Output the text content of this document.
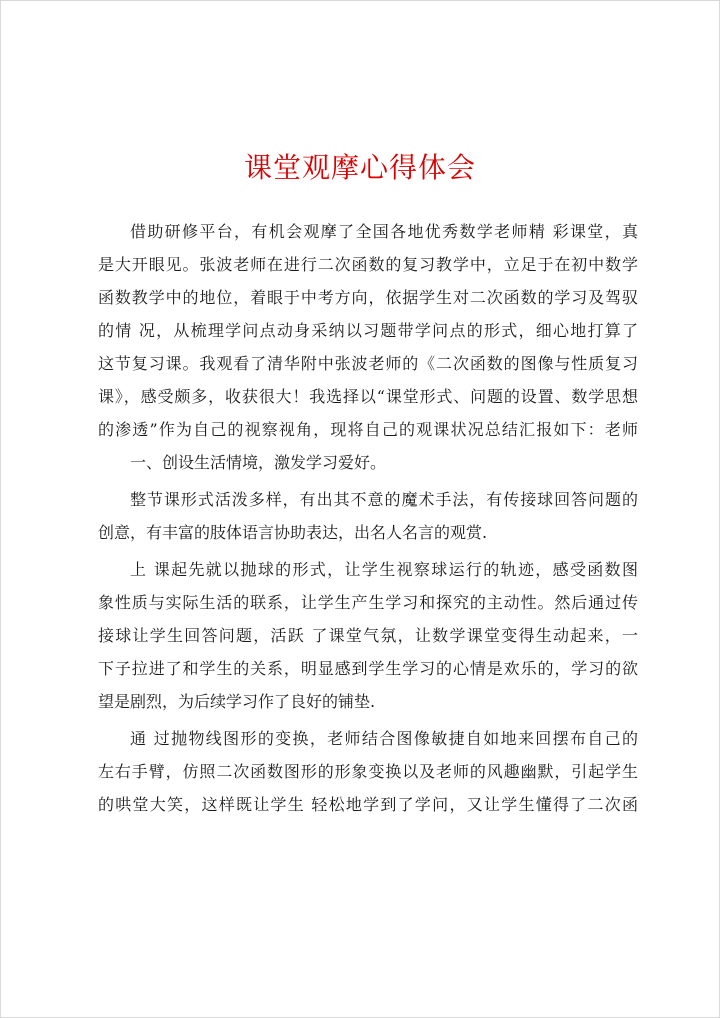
课堂观摩心得体会
借助研修平台，有机会观摩了全国各地优秀数学老师精 彩课堂，真
是大开眼见。张波老师在进行二次函数的复习教学中，立足于在初中数学
函数教学中的地位，着眼于中考方向，依据学生对二次函数的学习及驾驭
的情 况，从梳理学问点动身采纳以习题带学问点的形式，细心地打算了
这节复习课。我观看了清华附中张波老师的《二次函数的图像与性质复习
课》，感受颇多，收获很大！我选择以“课堂形式、问题的设置、数学思想
的渗透”作为自己的视察视角，现将自己的观课状况总结汇报如下：老师
一、创设生活情境，激发学习爱好。
整节课形式活泼多样，有出其不意的魔术手法，有传接球回答问题的
创意，有丰富的肢体语言协助表达，出名人名言的观赏.
上 课起先就以抛球的形式，让学生视察球运行的轨迹，感受函数图
象性质与实际生活的联系，让学生产生学习和探究的主动性。然后通过传
接球让学生回答问题，活跃 了课堂气氛，让数学课堂变得生动起来，一
下子拉进了和学生的关系，明显感到学生学习的心情是欢乐的，学习的欲
望是剧烈，为后续学习作了良好的铺垫.
通 过抛物线图形的变换，老师结合图像敏捷自如地来回摆布自己的
左右手臂，仿照二次函数图形的形象变换以及老师的风趣幽默，引起学生
的哄堂大笑，这样既让学生 轻松地学到了学问，又让学生懂得了二次函
